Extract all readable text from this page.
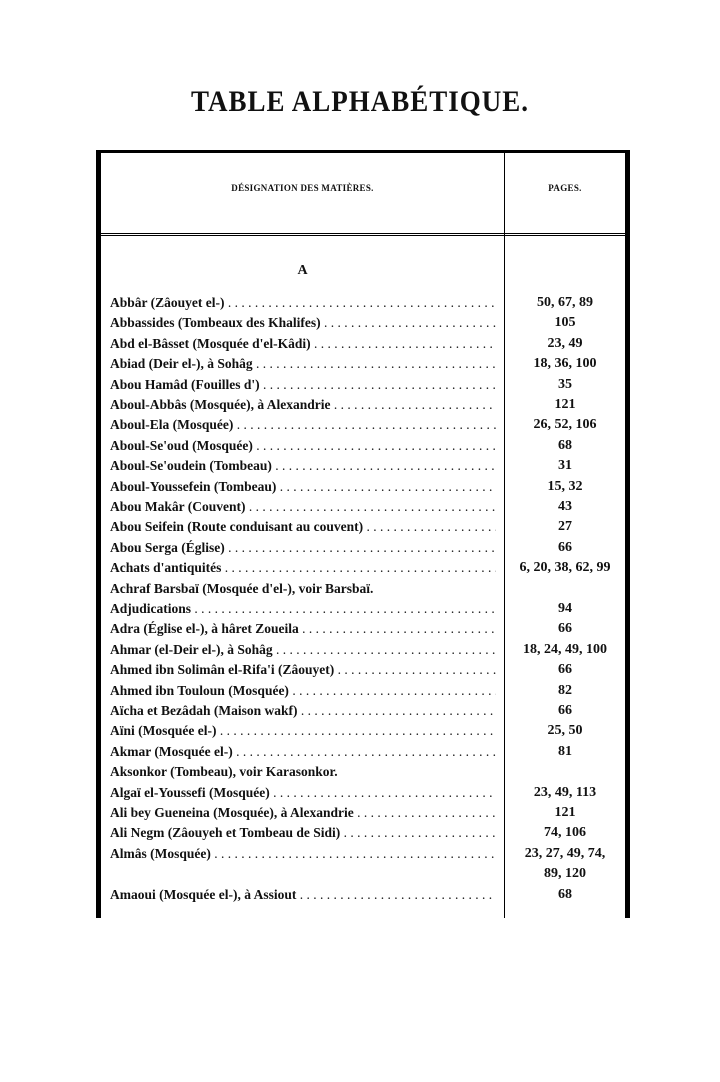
TABLE ALPHABÉTIQUE.
DÉSIGNATION DES MATIÈRES.	PAGES.
A
Abbâr (Zâouyet el-) . . .	50, 67, 89
Abbassides (Tombeaux des Khalifes) . . .	105
Abd el-Bâsset (Mosquée d'el-Kâdi) . . .	23, 49
Abiad (Deir el-), à Sohâg . . .	18, 36, 100
Abou Hamâd (Fouilles d') . . .	35
Aboul-Abbâs (Mosquée), à Alexandrie . . .	121
Aboul-Ela (Mosquée) . . .	26, 52, 106
Aboul-Se'oud (Mosquée) . . .	68
Aboul-Se'oudein (Tombeau) . . .	31
Aboul-Youssefein (Tombeau) . . .	15, 32
Abou Makâr (Couvent) . . .	43
Abou Seifein (Route conduisant au couvent) . . .	27
Abou Serga (Église) . . .	66
Achats d'antiquités . . .	6, 20, 38, 62, 99
Achraf Barsbaï (Mosquée d'el-), voir Barsbaï.
Adjudications . . .	94
Adra (Église el-), à hâret Zoueila . . .	66
Ahmar (el-Deir el-), à Sohâg . . .	18, 24, 49, 100
Ahmed ibn Solimân el-Rifa'i (Zâouyet) . . .	66
Ahmed ibn Touloun (Mosquée) . . .	82
Aïcha et Bezâdah (Maison wakf) . . .	66
Aïni (Mosquée el-) . . .	25, 50
Akmar (Mosquée el-) . . .	81
Aksonkor (Tombeau), voir Karasonkor.
Algaï el-Youssefi (Mosquée) . . .	23, 49, 113
Ali bey Gueneina (Mosquée), à Alexandrie . . .	121
Ali Negm (Zâouyeh et Tombeau de Sidi) . . .	74, 106
Almâs (Mosquée) . . .	23, 27, 49, 74,
89, 120
Amaoui (Mosquée el-), à Assiout . . .	68
